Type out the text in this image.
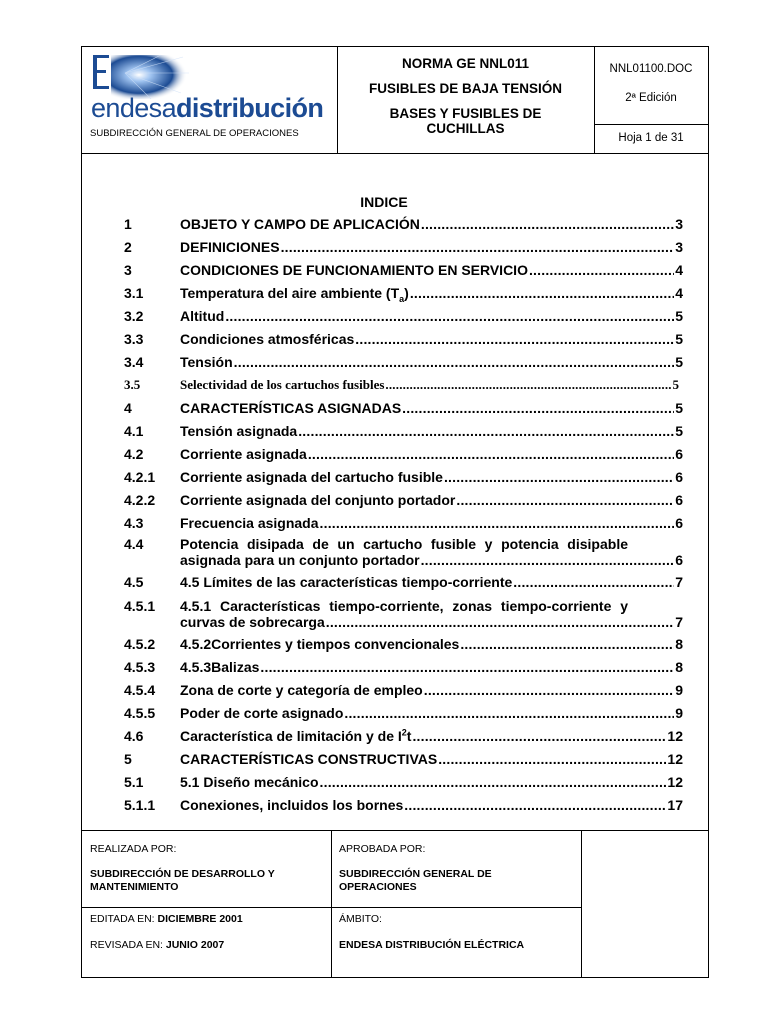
endesadistribución
NORMA GE NNL011
FUSIBLES DE BAJA TENSIÓN
BASES Y FUSIBLES DE CUCHILLAS
NNL01100.DOC
2ª Edición
Hoja 1 de 31
SUBDIRECCIÓN GENERAL DE OPERACIONES
INDICE
1	OBJETO Y CAMPO DE APLICACIÓN .....	3
2	DEFINICIONES .....	3
3	CONDICIONES DE FUNCIONAMIENTO EN SERVICIO .....	4
3.1	Temperatura del aire ambiente $(T_a)$ .....	4
3.2	Altitud .....	5
3.3	Condiciones atmosféricas .....	5
3.4	Tensión .....	5
3.5	Selectividad de los cartuchos fusibles .....	5
4	CARACTERÍSTICAS ASIGNADAS .....	5
4.1	Tensión asignada .....	5
4.2	Corriente asignada .....	6
4.2.1 Corriente asignada del cartucho fusible .....	6
4.2.2 Corriente asignada del conjunto portador .....	6
4.3	Frecuencia asignada .....	6
4.4	Potencia disipada de un cartucho fusible y potencia disipable
asignada para un conjunto portador .....	6
4.5	4.5 Límites de las características tiempo-corriente .....	7
4.5.1 4.5.1 Características tiempo-corriente, zonas tiempo-corriente y
curvas de sobrecarga .....	7
4.5.2 4.5.2Corrientes y tiempos convencionales .....	8
4.5.3 4.5.3Balizas .....	8
4.5.4 Zona de corte y categoría de empleo .....	9
4.5.5 Poder de corte asignado .....	9
4.6	Característica de limitación y de $I^2t$ .....	12
5	CARACTERÍSTICAS CONSTRUCTIVAS .....	12
5.1	5.1 Diseño mecánico .....	12
5.1.1 Conexiones, incluidos los bornes .....	17
REALIZADA POR:
SUBDIRECCIÓN DE DESARROLLO Y
MANTENIMIENTO
EDITADA EN: DICIEMBRE 2001
REVISADA EN: JUNIO 2007
APROBADA POR:
SUBDIRECCIÓN GENERAL DE
OPERACIONES
ÁMBITO:
ENDESA DISTRIBUCIÓN ELÉCTRICA
